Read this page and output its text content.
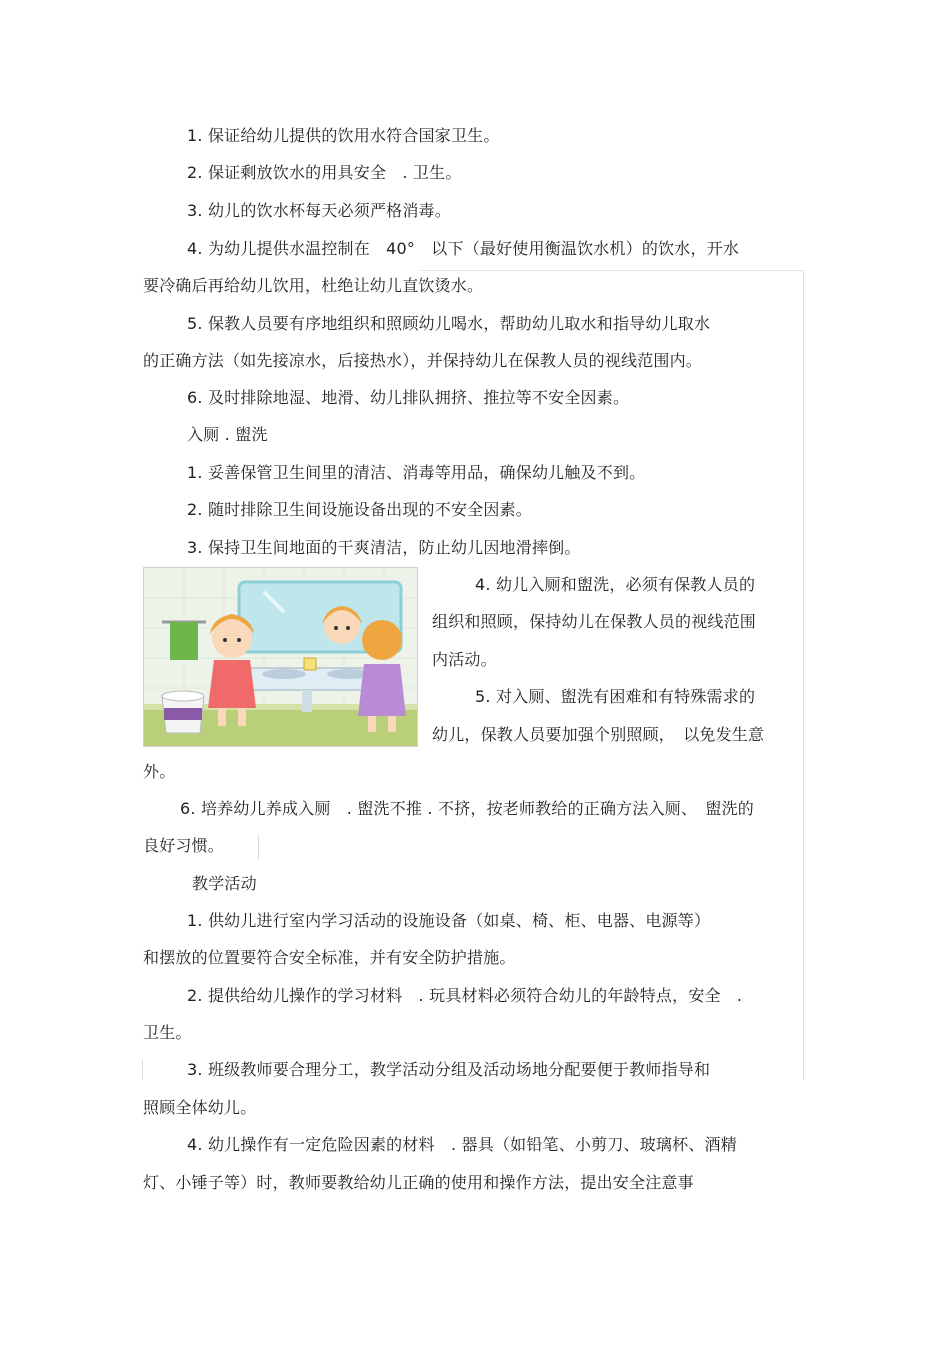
1. 保证给幼儿提供的饮用水符合国家卫生。
2. 保证剩放饮水的用具安全　. 卫生。
3. 幼儿的饮水杯每天必须严格消毒。
4. 为幼儿提供水温控制在　40°　以下（最好使用衡温饮水机）的饮水，开水
要冷确后再给幼儿饮用，杜绝让幼儿直饮烫水。
5. 保教人员要有序地组织和照顾幼儿喝水，帮助幼儿取水和指导幼儿取水
的正确方法（如先接凉水，后接热水），并保持幼儿在保教人员的视线范围内。
6. 及时排除地湿、地滑、幼儿排队拥挤、推拉等不安全因素。
入厕 . 盥洗
1. 妥善保管卫生间里的清洁、消毒等用品，确保幼儿触及不到。
2. 随时排除卫生间设施设备出现的不安全因素。
3. 保持卫生间地面的干爽清洁，防止幼儿因地滑摔倒。
4. 幼儿入厕和盥洗，必须有保教人员的
组织和照顾，保持幼儿在保教人员的视线范围
内活动。
5. 对入厕、盥洗有困难和有特殊需求的
幼儿，保教人员要加强个别照顾，　以免发生意
外。
6. 培养幼儿养成入厕　. 盥洗不推 . 不挤，按老师教给的正确方法入厕、　盥洗的
良好习惯。
教学活动
1. 供幼儿进行室内学习活动的设施设备（如桌、椅、柜、电器、电源等）
和摆放的位置要符合安全标准，并有安全防护措施。
2. 提供给幼儿操作的学习材料　. 玩具材料必须符合幼儿的年龄特点，安全　.
卫生。
3. 班级教师要合理分工，教学活动分组及活动场地分配要便于教师指导和
照顾全体幼儿。
4. 幼儿操作有一定危险因素的材料　. 器具（如铅笔、小剪刀、玻璃杯、酒精
灯、小锤子等）时，教师要教给幼儿正确的使用和操作方法，提出安全注意事
